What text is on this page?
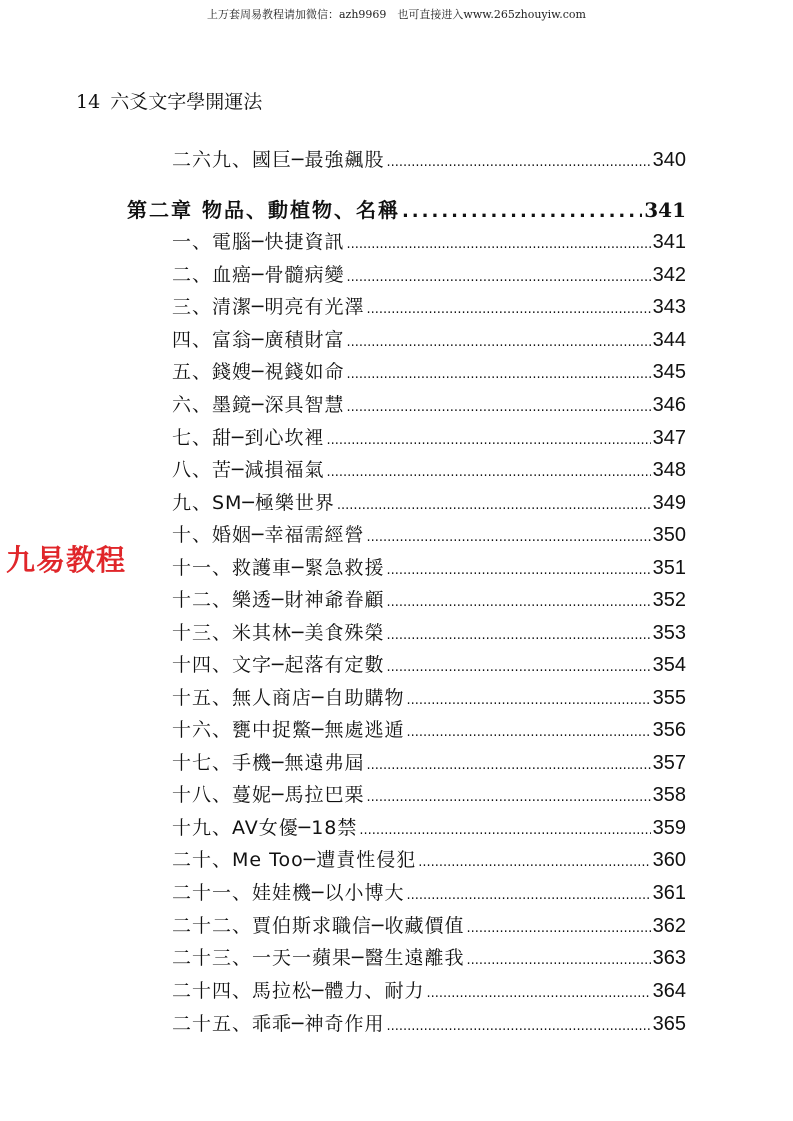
上万套周易教程请加微信：azh9969　也可直接进入www.265zhouyiw.com
14 六爻文字學開運法
九易教程
二六九、國巨─最強飆股 .....	340
第二章 物品、動植物、名稱 .....	341
一、電腦─快捷資訊 .....	341
二、血癌─骨髓病變 .....	342
三、清潔─明亮有光澤 .....	343
四、富翁─廣積財富 .....	344
五、錢嫂─視錢如命 .....	345
六、墨鏡─深具智慧 .....	346
七、甜─到心坎裡 .....	347
八、苦─減損福氣 .....	348
九、SM─極樂世界 .....	349
十、婚姻─幸福需經營 .....	350
十一、救護車─緊急救援 .....	351
十二、樂透─財神爺眷顧 .....	352
十三、米其林─美食殊榮 .....	353
十四、文字─起落有定數 .....	354
十五、無人商店─自助購物 .....	355
十六、甕中捉鱉─無處逃遁 .....	356
十七、手機─無遠弗屆 .....	357
十八、蔓妮─馬拉巴栗 .....	358
十九、AV女優─18禁 .....	359
二十、Me Too─遭責性侵犯 .....	360
二十一、娃娃機─以小博大 .....	361
二十二、賈伯斯求職信─收藏價值 .....	362
二十三、一天一蘋果─醫生遠離我 .....	363
二十四、馬拉松─體力、耐力 .....	364
二十五、乖乖─神奇作用 .....	365
